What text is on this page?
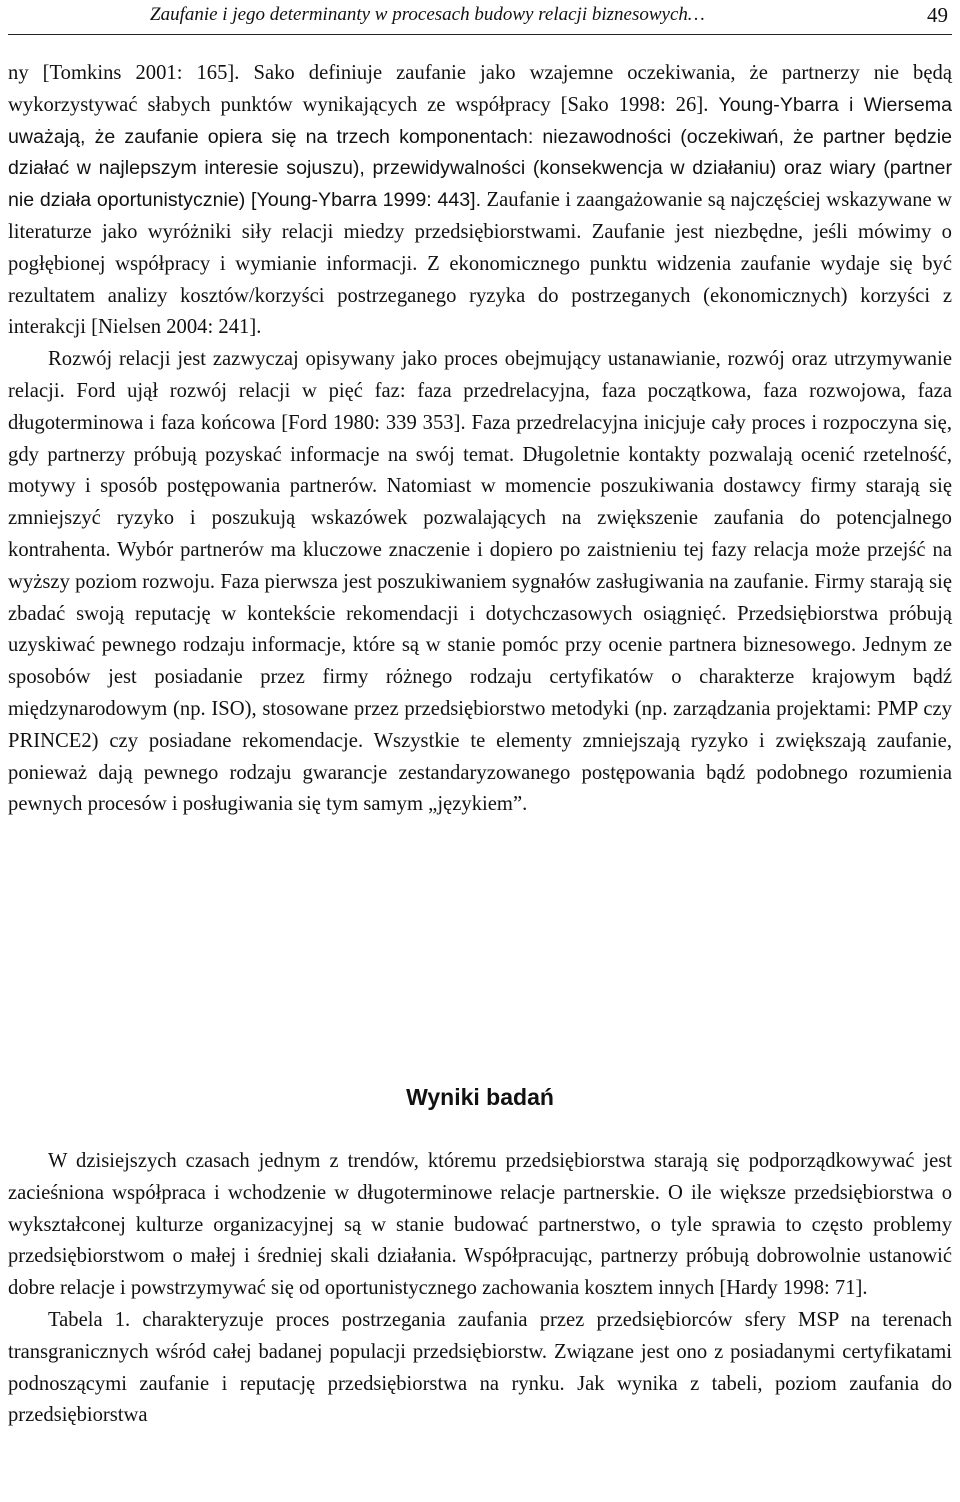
Zaufanie i jego determinanty w procesach budowy relacji biznesowych…	49

ny [Tomkins 2001: 165]. Sako definiuje zaufanie jako wzajemne oczekiwania, że partnerzy nie będą wykorzystywać słabych punktów wynikających ze współpracy [Sako 1998: 26]. Young-Ybarra i Wiersema uważają, że zaufanie opiera się na trzech komponentach: niezawodności (oczekiwań, że partner będzie działać w najlepszym interesie sojuszu), przewidywalności (konsekwencja w działaniu) oraz wiary (partner nie działa oportunistycznie) [Young-Ybarra 1999: 443]. Zaufanie i zaangażowanie są najczęściej wskazywane w literaturze jako wyróżniki siły relacji miedzy przedsiębiorstwami. Zaufanie jest niezbędne, jeśli mówimy o pogłębionej współpracy i wymianie informacji. Z ekonomicznego punktu widzenia zaufanie wydaje się być rezultatem analizy kosztów/korzyści postrzeganego ryzyka do postrzeganych (ekonomicznych) korzyści z interakcji [Nielsen 2004: 241].

Rozwój relacji jest zazwyczaj opisywany jako proces obejmujący ustanawianie, rozwój oraz utrzymywanie relacji. Ford ujął rozwój relacji w pięć faz: faza przedrelacyjna, faza początkowa, faza rozwojowa, faza długoterminowa i faza końcowa [Ford 1980: 339 353]. Faza przedrelacyjna inicjuje cały proces i rozpoczyna się, gdy partnerzy próbują pozyskać informacje na swój temat. Długoletnie kontakty pozwalają ocenić rzetelność, motywy i sposób postępowania partnerów. Natomiast w momencie poszukiwania dostawcy firmy starają się zmniejszyć ryzyko i poszukują wskazówek pozwalających na zwiększenie zaufania do potencjalnego kontrahenta. Wybór partnerów ma kluczowe znaczenie i dopiero po zaistnieniu tej fazy relacja może przejść na wyższy poziom rozwoju. Faza pierwsza jest poszukiwaniem sygnałów zasługiwania na zaufanie. Firmy starają się zbadać swoją reputację w kontekście rekomendacji i dotychczasowych osiągnięć. Przedsiębiorstwa próbują uzyskiwać pewnego rodzaju informacje, które są w stanie pomóc przy ocenie partnera biznesowego. Jednym ze sposobów jest posiadanie przez firmy różnego rodzaju certyfikatów o charakterze krajowym bądź międzynarodowym (np. ISO), stosowane przez przedsiębiorstwo metodyki (np. zarządzania projektami: PMP czy PRINCE2) czy posiadane rekomendacje. Wszystkie te elementy zmniejszają ryzyko i zwiększają zaufanie, ponieważ dają pewnego rodzaju gwarancje zestandaryzowanego postępowania bądź podobnego rozumienia pewnych procesów i posługiwania się tym samym „językiem”.

Wyniki badań

W dzisiejszych czasach jednym z trendów, któremu przedsiębiorstwa starają się podporządkowywać jest zacieśniona współpraca i wchodzenie w długoterminowe relacje partnerskie. O ile większe przedsiębiorstwa o wykształconej kulturze organizacyjnej są w stanie budować partnerstwo, o tyle sprawia to często problemy przedsiębiorstwom o małej i średniej skali działania. Współpracując, partnerzy próbują dobrowolnie ustanowić dobre relacje i powstrzymywać się od oportunistycznego zachowania kosztem innych [Hardy 1998: 71].

Tabela 1. charakteryzuje proces postrzegania zaufania przez przedsiębiorców sfery MSP na terenach transgranicznych wśród całej badanej populacji przedsiębiorstw. Związane jest ono z posiadanymi certyfikatami podnoszącymi zaufanie i reputację przedsiębiorstwa na rynku. Jak wynika z tabeli, poziom zaufania do przedsiębiorstwa
